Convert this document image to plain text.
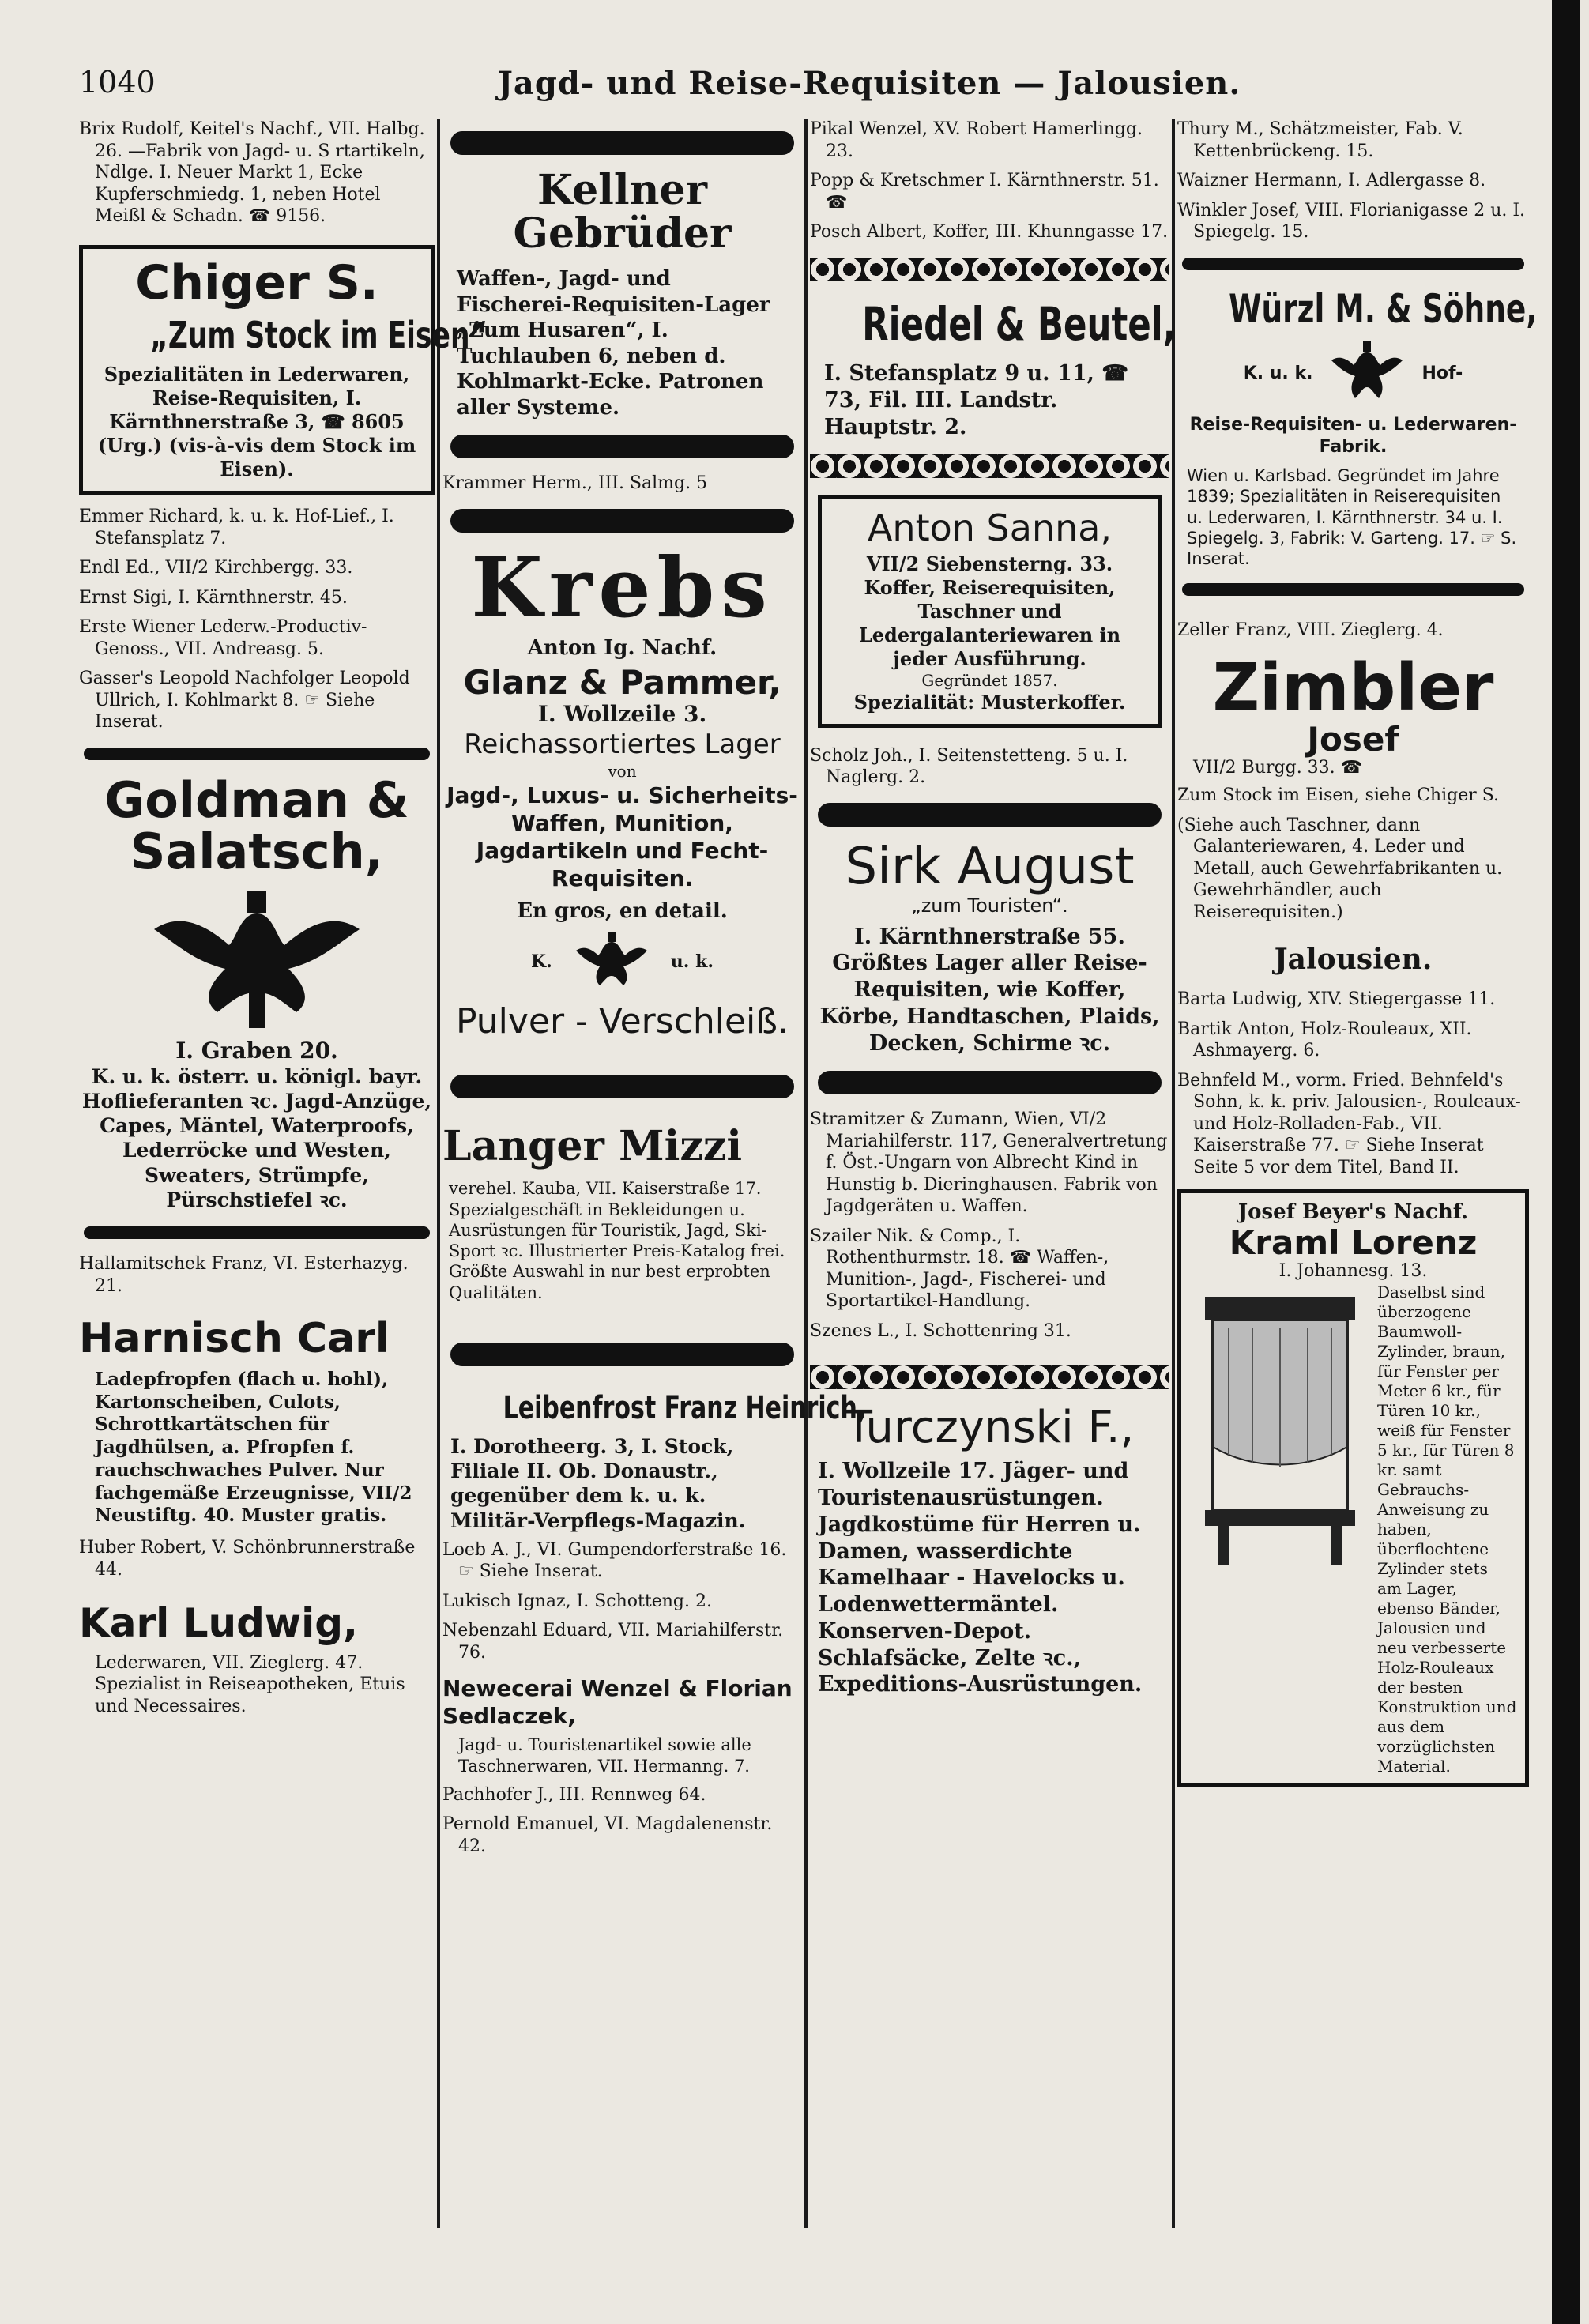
1040	Jagd- und Reise-Requisiten — Jalousien.
Brix Rudolf, Keitel's Nachf., VII. Halbg. 26. —Fabrik von Jagd- u. S rtartikeln, Ndlge. I. Neuer Markt 1, Ecke Kupferschmiedg. 1, neben Hotel Meißl & Schadn. ☎ 9156.
Chiger S.
„Zum Stock im Eisen“
Spezialitäten in Lederwaren, Reise-Requisiten, I. Kärnthnerstraße 3, ☎ 8605 (Urg.) (vis-à-vis dem Stock im Eisen).
Emmer Richard, k. u. k. Hof-Lief., I. Stefansplatz 7.
Endl Ed., VII/2 Kirchbergg. 33.
Ernst Sigi, I. Kärnthnerstr. 45.
Erste Wiener Lederw.-Productiv-Genoss., VII. Andreasg. 5.
Gasser's Leopold Nachfolger Leopold Ullrich, I. Kohlmarkt 8. ☞ Siehe Inserat.
Goldman & Salatsch,
I. Graben 20.
K. u. k. österr. u. königl. bayr. Hoflieferanten ꝛc. Jagd-Anzüge, Capes, Mäntel, Waterproofs, Lederröcke und Westen, Sweaters, Strümpfe, Pürschstiefel ꝛc.
Hallamitschek Franz, VI. Esterhazyg. 21.
Harnisch Carl
Ladepfropfen (flach u. hohl), Kartonscheiben, Culots, Schrottkartätschen für Jagdhülsen, a. Pfropfen f. rauchschwaches Pulver. Nur fachgemäße Erzeugnisse, VII/2 Neustiftg. 40. Muster gratis.
Huber Robert, V. Schönbrunnerstraße 44.
Karl Ludwig,
Lederwaren, VII. Zieglerg. 47. Spezialist in Reiseapotheken, Etuis und Necessaires.
Kellner Gebrüder
Waffen-, Jagd- und Fischerei-Requisiten-Lager „Zum Husaren“, I. Tuchlauben 6, neben d. Kohlmarkt-Ecke. Patronen aller Systeme.
Krammer Herm., III. Salmg. 5
Krebs
Anton Ig. Nachf.
Glanz & Pammer,
I. Wollzeile 3.
Reichassortiertes Lager
von
Jagd-, Luxus- u. Sicherheits-Waffen, Munition, Jagdartikeln und Fecht-Requisiten.
En gros, en detail.
K.	u. k.
Pulver - Verschleiß.
Langer Mizzi
verehel. Kauba, VII. Kaiserstraße 17. Spezialgeschäft in Bekleidungen u. Ausrüstungen für Touristik, Jagd, Ski-Sport ꝛc. Illustrierter Preis-Katalog frei. Größte Auswahl in nur best erprobten Qualitäten.
Leibenfrost Franz Heinrich,
I. Dorotheerg. 3, I. Stock, Filiale II. Ob. Donaustr., gegenüber dem k. u. k. Militär-Verpflegs-Magazin.
Loeb A. J., VI. Gumpendorferstraße 16. ☞ Siehe Inserat.
Lukisch Ignaz, I. Schotteng. 2.
Nebenzahl Eduard, VII. Mariahilferstr. 76.
Newecerai Wenzel & Florian Sedlaczek,
Jagd- u. Touristenartikel sowie alle Taschnerwaren, VII. Hermanng. 7.
Pachhofer J., III. Rennweg 64.
Pernold Emanuel, VI. Magdalenenstr. 42.
Pikal Wenzel, XV. Robert Hamerlingg. 23.
Popp & Kretschmer I. Kärnthnerstr. 51. ☎
Posch Albert, Koffer, III. Khunngasse 17.
Riedel & Beutel,
I. Stefansplatz 9 u. 11, ☎ 73, Fil. III. Landstr. Hauptstr. 2.
Anton Sanna,
VII/2 Siebensterng. 33. Koffer, Reiserequisiten, Taschner und Ledergalanteriewaren in jeder Ausführung.
Gegründet 1857.
Spezialität: Musterkoffer.
Scholz Joh., I. Seitenstetteng. 5 u. I. Naglerg. 2.
Sirk August
„zum Touristen“.
I. Kärnthnerstraße 55. Größtes Lager aller Reise-Requisiten, wie Koffer, Körbe, Handtaschen, Plaids, Decken, Schirme ꝛc.
Stramitzer & Zumann, Wien, VI/2 Mariahilferstr. 117, Generalvertretung f. Öst.-Ungarn von Albrecht Kind in Hunstig b. Dieringhausen. Fabrik von Jagdgeräten u. Waffen.
Szailer Nik. & Comp., I. Rothenthurmstr. 18. ☎ Waffen-, Munition-, Jagd-, Fischerei- und Sportartikel-Handlung.
Szenes L., I. Schottenring 31.
Turczynski F.,
I. Wollzeile 17. Jäger- und Touristenausrüstungen. Jagdkostüme für Herren u. Damen, wasserdichte Kamelhaar - Havelocks u. Lodenwettermäntel. Konserven-Depot. Schlafsäcke, Zelte ꝛc., Expeditions-Ausrüstungen.
Thury M., Schätzmeister, Fab. V. Kettenbrückeng. 15.
Waizner Hermann, I. Adlergasse 8.
Winkler Josef, VIII. Florianigasse 2 u. I. Spiegelg. 15.
Würzl M. & Söhne,
K. u. k.	Hof-
Reise-Requisiten- u. Lederwaren-Fabrik.
Wien u. Karlsbad. Gegründet im Jahre 1839; Spezialitäten in Reiserequisiten u. Lederwaren, I. Kärnthnerstr. 34 u. I. Spiegelg. 3, Fabrik: V. Garteng. 17. ☞ S. Inserat.
Zeller Franz, VIII. Zieglerg. 4.
Zimbler
Josef
VII/2 Burgg. 33. ☎
Zum Stock im Eisen, siehe Chiger S.
(Siehe auch Taschner, dann Galanteriewaren, 4. Leder und Metall, auch Gewehrfabrikanten u. Gewehrhändler, auch Reiserequisiten.)
Jalousien.
Barta Ludwig, XIV. Stiegergasse 11.
Bartik Anton, Holz-Rouleaux, XII. Ashmayerg. 6.
Behnfeld M., vorm. Fried. Behnfeld's Sohn, k. k. priv. Jalousien-, Rouleaux- und Holz-Rolladen-Fab., VII. Kaiserstraße 77. ☞ Siehe Inserat Seite 5 vor dem Titel, Band II.
Josef Beyer's Nachf.
Kraml Lorenz
I. Johannesg. 13.
Daselbst sind überzogene Baumwoll-Zylinder, braun, für Fenster per Meter 6 kr., für Türen 10 kr., weiß für Fenster 5 kr., für Türen 8 kr. samt Gebrauchs-Anweisung zu haben, überflochtene Zylinder stets am Lager, ebenso Bänder, Jalousien und neu verbesserte Holz-Rouleaux der besten Konstruktion und aus dem vorzüglichsten Material.
